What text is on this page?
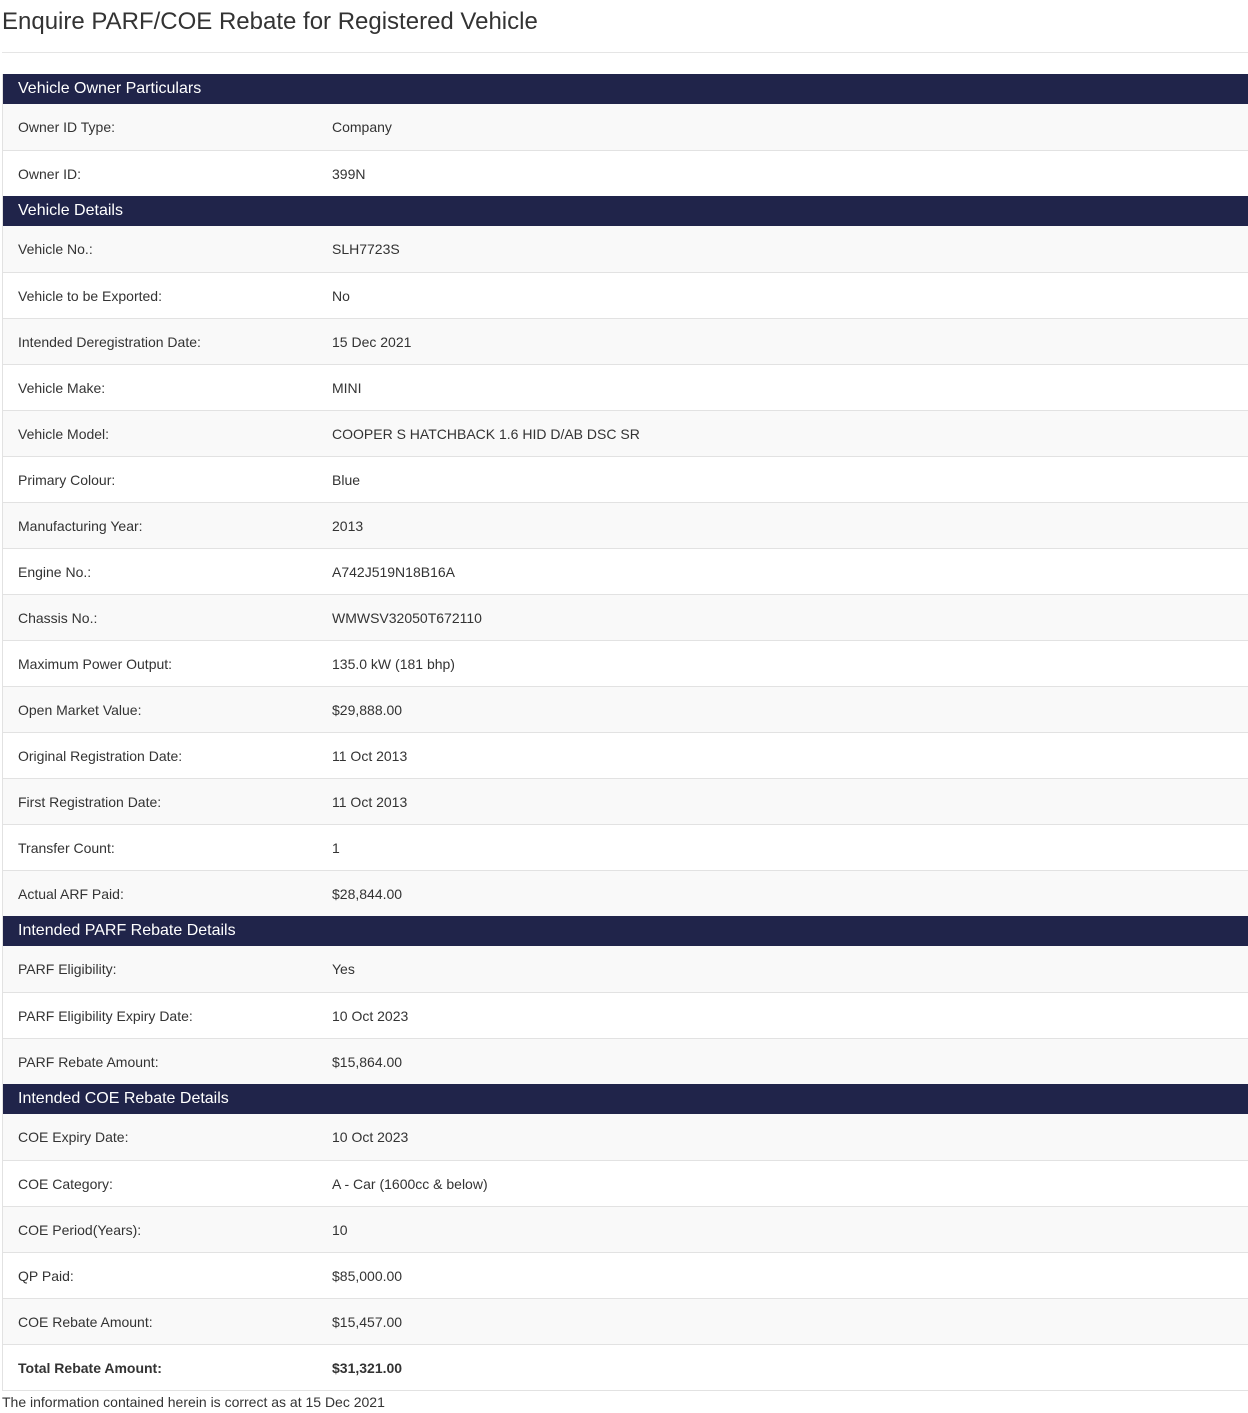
Enquire PARF/COE Rebate for Registered Vehicle
Vehicle Owner Particulars
Owner ID Type:	Company
Owner ID:	399N
Vehicle Details
Vehicle No.:	SLH7723S
Vehicle to be Exported:	No
Intended Deregistration Date:	15 Dec 2021
Vehicle Make:	MINI
Vehicle Model:	COOPER S HATCHBACK 1.6 HID D/AB DSC SR
Primary Colour:	Blue
Manufacturing Year:	2013
Engine No.:	A742J519N18B16A
Chassis No.:	WMWSV32050T672110
Maximum Power Output:	135.0 kW (181 bhp)
Open Market Value:	$29,888.00
Original Registration Date:	11 Oct 2013
First Registration Date:	11 Oct 2013
Transfer Count:	1
Actual ARF Paid:	$28,844.00
Intended PARF Rebate Details
PARF Eligibility:	Yes
PARF Eligibility Expiry Date:	10 Oct 2023
PARF Rebate Amount:	$15,864.00
Intended COE Rebate Details
COE Expiry Date:	10 Oct 2023
COE Category:	A - Car (1600cc & below)
COE Period(Years):	10
QP Paid:	$85,000.00
COE Rebate Amount:	$15,457.00
Total Rebate Amount:	$31,321.00
The information contained herein is correct as at 15 Dec 2021
